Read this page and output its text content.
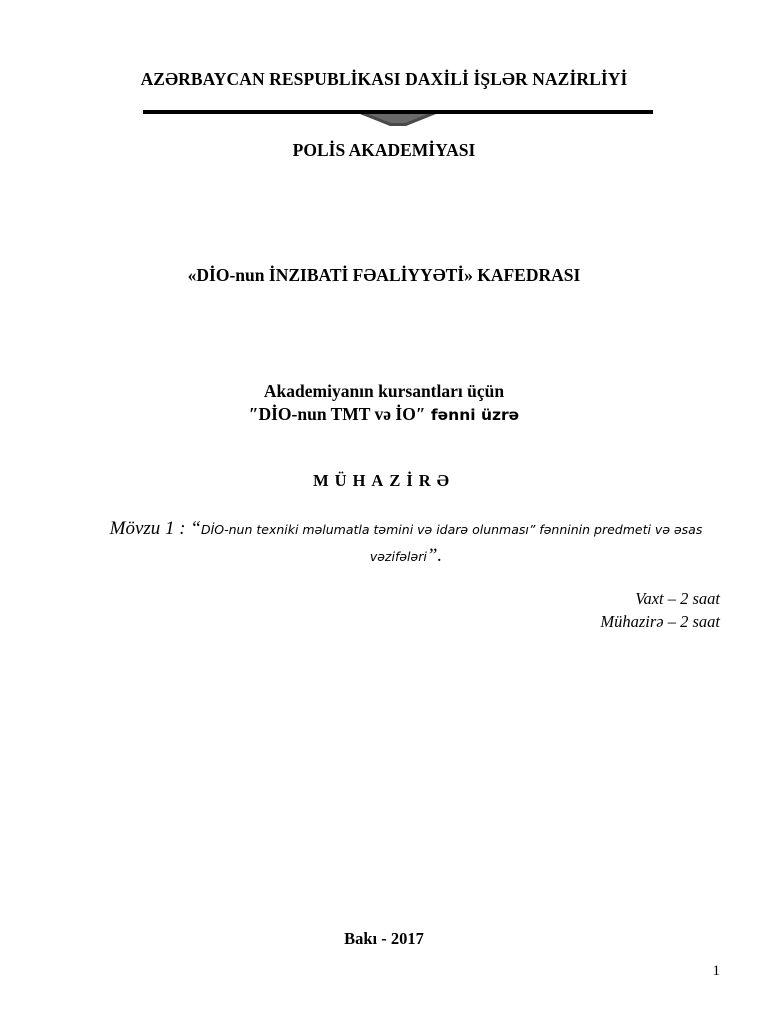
AZƏRBAYCAN RESPUBLİKASI DAXİLİ İŞLƏR NAZİRLİYİ
POLİS AKADEMİYASI
«DİO-nun İNZIBATİ FƏALİYYƏTİ» KAFEDRASI
Akademiyanın kursantları üçün
″DİO-nun TMT və İO″ fənni üzrə
MÜHAZİRƏ
Mövzu 1 : “DİO-nun texniki məlumatla təmini və idarə olunması” fənninin predmeti və əsas vəzifələri”.
Vaxt – 2 saat
Mühazirə – 2 saat
Bakı - 2017
1
